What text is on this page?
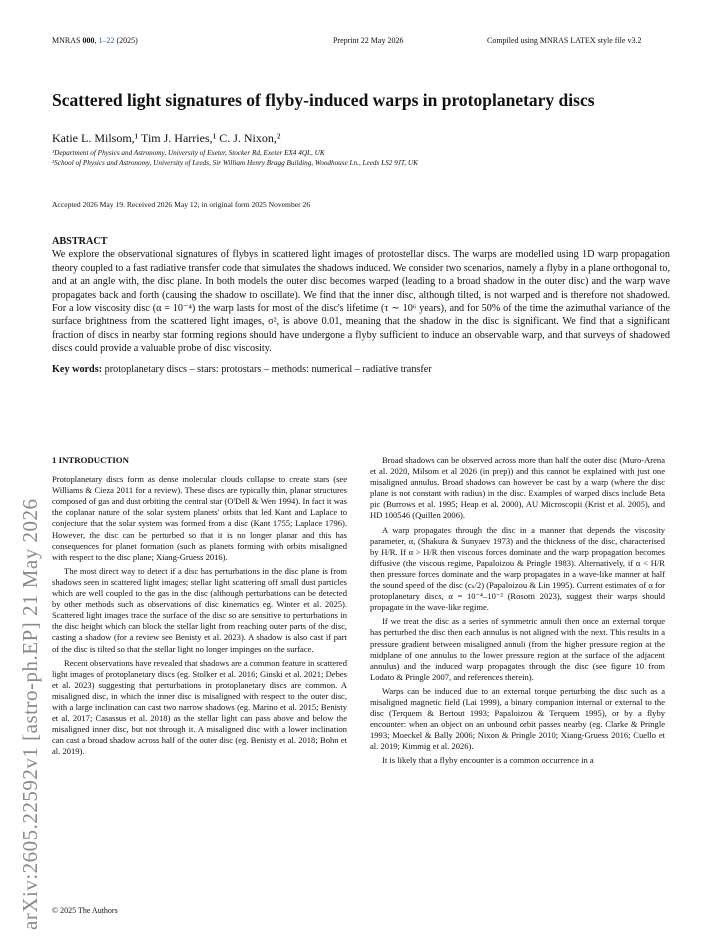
MNRAS 000, 1–22 (2025)	Preprint 22 May 2026	Compiled using MNRAS LATEX style file v3.2
arXiv:2605.22592v1 [astro-ph.EP] 21 May 2026
Scattered light signatures of flyby-induced warps in protoplanetary discs
Katie L. Milsom,¹ Tim J. Harries,¹ C. J. Nixon,²
¹Department of Physics and Astronomy, University of Exeter, Stocker Rd, Exeter EX4 4QL, UK
²School of Physics and Astronomy, University of Leeds, Sir William Henry Bragg Building, Woodhouse Ln., Leeds LS2 9JT, UK
Accepted 2026 May 19. Received 2026 May 12; in original form 2025 November 26
ABSTRACT
We explore the observational signatures of flybys in scattered light images of protostellar discs. The warps are modelled using 1D warp propagation theory coupled to a fast radiative transfer code that simulates the shadows induced. We consider two scenarios, namely a flyby in a plane orthogonal to, and at an angle with, the disc plane. In both models the outer disc becomes warped (leading to a broad shadow in the outer disc) and the warp wave propagates back and forth (causing the shadow to oscillate). We find that the inner disc, although tilted, is not warped and is therefore not shadowed. For a low viscosity disc (α = 10⁻⁴) the warp lasts for most of the disc's lifetime (τ ∼ 10⁶ years), and for 50% of the time the azimuthal variance of the surface brightness from the scattered light images, σ², is above 0.01, meaning that the shadow in the disc is significant. We find that a significant fraction of discs in nearby star forming regions should have undergone a flyby sufficient to induce an observable warp, and that surveys of shadowed discs could provide a valuable probe of disc viscosity.
Key words: protoplanetary discs – stars: protostars – methods: numerical – radiative transfer
1 INTRODUCTION

Protoplanetary discs form as dense molecular clouds collapse to create stars (see Williams & Cieza 2011 for a review). These discs are typically thin, planar structures composed of gas and dust orbiting the central star (O'Dell & Wen 1994). In fact it was the coplanar nature of the solar system planets' orbits that led Kant and Laplace to conjecture that the solar system was formed from a disc (Kant 1755; Laplace 1796). However, the disc can be perturbed so that it is no longer planar and this has consequences for planet formation (such as planets forming with orbits misaligned with respect to the disc plane; Xiang-Gruess 2016).

The most direct way to detect if a disc has perturbations in the disc plane is from shadows seen in scattered light images; stellar light scattering off small dust particles which are well coupled to the gas in the disc (although perturbations can be detected by other methods such as observations of disc kinematics eg. Winter et al. 2025). Scattered light images trace the surface of the disc so are sensitive to perturbations in the disc height which can block the stellar light from reaching outer parts of the disc, casting a shadow (for a review see Benisty et al. 2023). A shadow is also cast if part of the disc is tilted so that the stellar light no longer impinges on the surface.

Recent observations have revealed that shadows are a common feature in scattered light images of protoplanetary discs (eg. Stolker et al. 2016; Ginski et al. 2021; Debes et al. 2023) suggesting that perturbations in protoplanetary discs are common. A misaligned disc, in which the inner disc is misaligned with respect to the outer disc, with a large inclination can cast two narrow shadows (eg. Marino et al. 2015; Benisty et al. 2017; Casassus et al. 2018) as the stellar light can pass above and below the misaligned inner disc, but not through it. A misaligned disc with a lower inclination can cast a broad shadow across half of the outer disc (eg. Benisty et al. 2018; Bohn et al. 2019).

Broad shadows can be observed across more than half the outer disc (Muro-Arena et al. 2020, Milsom et al 2026 (in prep)) and this cannot be explained with just one misaligned annulus. Broad shadows can however be cast by a warp (where the disc plane is not constant with radius) in the disc. Examples of warped discs include Beta pic (Burrows et al. 1995; Heap et al. 2000), AU Microscopii (Krist et al. 2005), and HD 100546 (Quillen 2006).

A warp propagates through the disc in a manner that depends the viscosity parameter, α, (Shakura & Sunyaev 1973) and the thickness of the disc, characterised by H/R. If α > H/R then viscous forces dominate and the warp propagation becomes diffusive (the viscous regime, Papaloizou & Pringle 1983). Alternatively, if α < H/R then pressure forces dominate and the warp propagates in a wave-like manner at half the sound speed of the disc (cₛ/2) (Papaloizou & Lin 1995). Current estimates of α for protoplanetary discs, α = 10⁻⁴–10⁻² (Rosotti 2023), suggest their warps should propagate in the wave-like regime.

If we treat the disc as a series of symmetric annuli then once an external torque has perturbed the disc then each annulus is not aligned with the next. This results in a pressure gradient between misaligned annuli (from the higher pressure region at the midplane of one annulus to the lower pressure region at the surface of the adjacent annulus) and the induced warp propagates through the disc (see figure 10 from Lodato & Pringle 2007, and references therein).

Warps can be induced due to an external torque perturbing the disc such as a misaligned magnetic field (Lai 1999), a binary companion internal or external to the disc (Terquem & Bertout 1993; Papaloizou & Terquem 1995), or by a flyby encounter: when an object on an unbound orbit passes nearby (eg. Clarke & Pringle 1993; Moeckel & Bally 2006; Nixon & Pringle 2010; Xiang-Gruess 2016; Cuello et al. 2019; Kimmig et al. 2026).

It is likely that a flyby encounter is a common occurrence in a

© 2025 The Authors
